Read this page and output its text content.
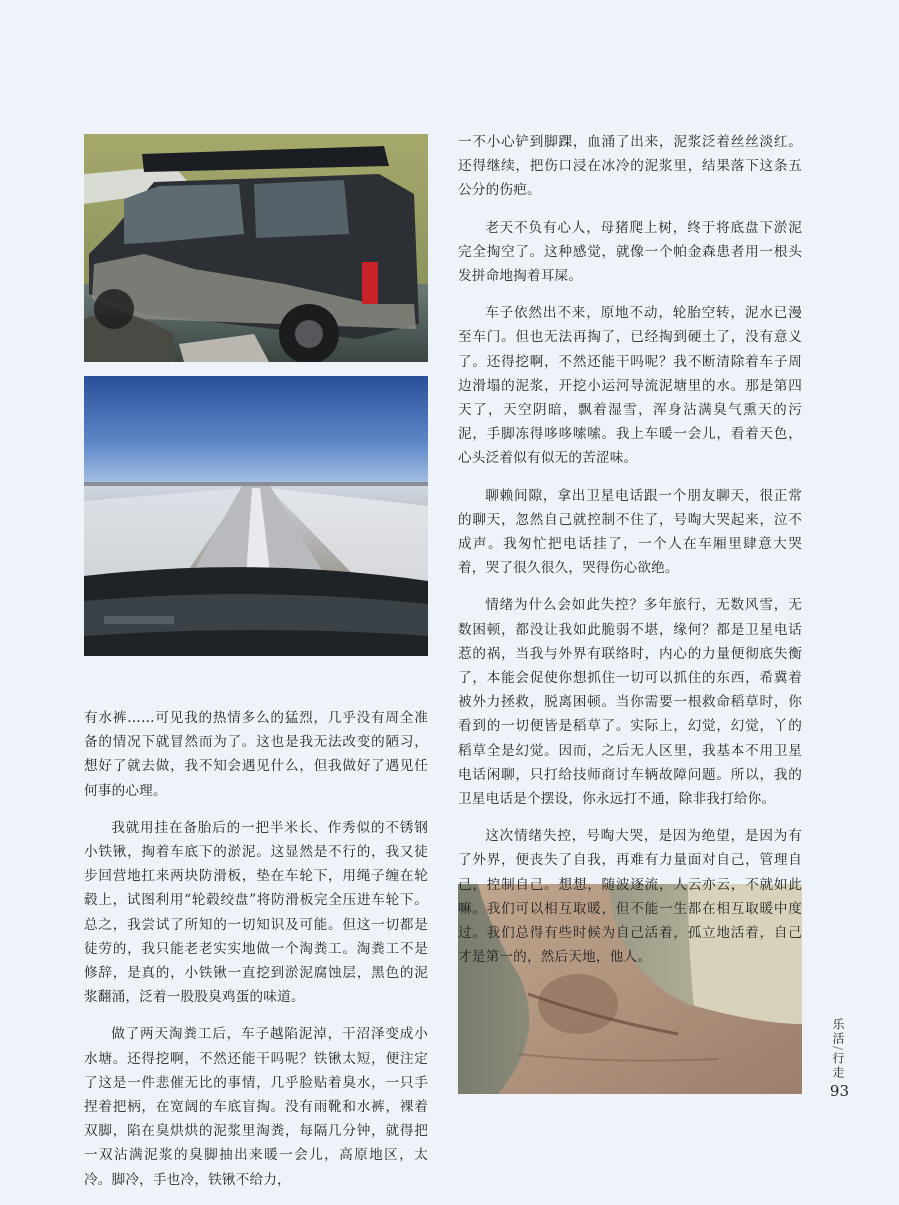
有水裤……可见我的热情多么的猛烈，几乎没有周全准备的情况下就冒然而为了。这也是我无法改变的陋习，想好了就去做，我不知会遇见什么，但我做好了遇见任何事的心理。

我就用挂在备胎后的一把半米长、作秀似的不锈钢小铁锹，掏着车底下的淤泥。这显然是不行的，我又徒步回营地扛来两块防滑板，垫在车轮下，用绳子缠在轮毂上，试图利用“轮毂绞盘”将防滑板完全压进车轮下。总之，我尝试了所知的一切知识及可能。但这一切都是徒劳的，我只能老老实实地做一个淘粪工。淘粪工不是修辞，是真的，小铁锹一直挖到淤泥腐蚀层，黑色的泥浆翻涌，泛着一股股臭鸡蛋的味道。

做了两天淘粪工后，车子越陷泥淖，干沼泽变成小水塘。还得挖啊，不然还能干吗呢？铁锹太短，便注定了这是一件悲催无比的事情，几乎脸贴着臭水，一只手捏着把柄，在宽阔的车底盲掏。没有雨靴和水裤，裸着双脚，陷在臭烘烘的泥浆里淘粪，每隔几分钟，就得把一双沾满泥浆的臭脚抽出来暖一会儿，高原地区，太冷。脚冷，手也冷，铁锹不给力，

一不小心铲到脚踝，血涌了出来，泥浆泛着丝丝淡红。还得继续，把伤口浸在冰冷的泥浆里，结果落下这条五公分的伤疤。

老天不负有心人，母猪爬上树，终于将底盘下淤泥完全掏空了。这种感觉，就像一个帕金森患者用一根头发拼命地掏着耳屎。

车子依然出不来，原地不动，轮胎空转，泥水已漫至车门。但也无法再掏了，已经掏到硬土了，没有意义了。还得挖啊，不然还能干吗呢？我不断清除着车子周边滑塌的泥浆，开挖小运河导流泥塘里的水。那是第四天了，天空阴暗，飘着湿雪，浑身沾满臭气熏天的污泥，手脚冻得哆哆嗦嗦。我上车暖一会儿，看着天色，心头泛着似有似无的苦涩味。

聊赖间隙，拿出卫星电话跟一个朋友聊天，很正常的聊天，忽然自己就控制不住了，号啕大哭起来，泣不成声。我匆忙把电话挂了，一个人在车厢里肆意大哭着，哭了很久很久，哭得伤心欲绝。

情绪为什么会如此失控？多年旅行，无数风雪，无数困顿，都没让我如此脆弱不堪，缘何？都是卫星电话惹的祸，当我与外界有联络时，内心的力量便彻底失衡了，本能会促使你想抓住一切可以抓住的东西，希冀着被外力拯救，脱离困顿。当你需要一根救命稻草时，你看到的一切便皆是稻草了。实际上，幻觉，幻觉，丫的稻草全是幻觉。因而，之后无人区里，我基本不用卫星电话闲聊，只打给技师商讨车辆故障问题。所以，我的卫星电话是个摆设，你永远打不通，除非我打给你。

这次情绪失控，号啕大哭，是因为绝望，是因为有了外界，便丧失了自我，再难有力量面对自己，管理自己，控制自己。想想，随波逐流，人云亦云，不就如此嘛。我们可以相互取暖，但不能一生都在相互取暖中度过。我们总得有些时候为自己活着，孤立地活着，自己才是第一的，然后天地，他人。

乐活/行走
93
